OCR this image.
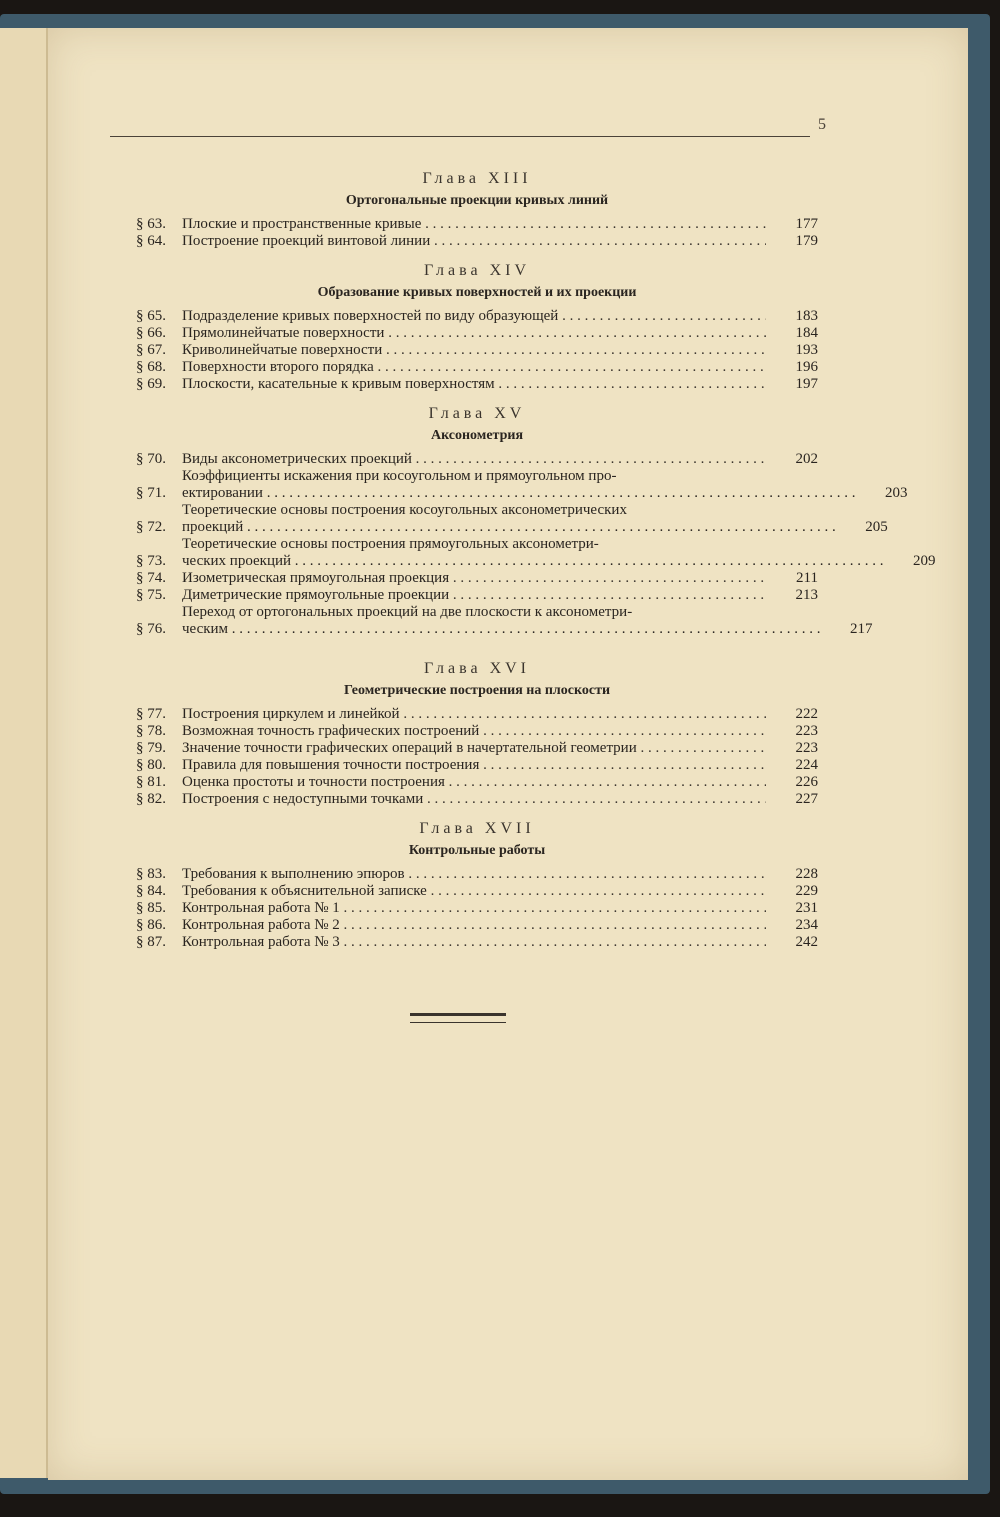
5
Глава XIII
Ортогональные проекции кривых линий
§ 63.	Плоские и пространственные кривые . . .	177
§ 64.	Построение проекций винтовой линии . . .	179
Глава XIV
Образование кривых поверхностей и их проекции
§ 65.	Подразделение кривых поверхностей по виду образующей . . .	183
§ 66.	Прямолинейчатые поверхности . . .	184
§ 67.	Криволинейчатые поверхности . . .	193
§ 68.	Поверхности второго порядка . . .	196
§ 69.	Плоскости, касательные к кривым поверхностям . . .	197
Глава XV
Аксонометрия
§ 70.	Виды аксонометрических проекций . . .	202
§ 71.
Коэффициенты искажения при косоугольном и прямоугольном про-
ектировании . . .	203
§ 72.
Теоретические основы построения косоугольных аксонометрических
проекций . . .	205
§ 73.
Теоретические основы построения прямоугольных аксонометри-
ческих проекций . . .	209
§ 74.	Изометрическая прямоугольная проекция . . .	211
§ 75.	Диметрические прямоугольные проекции . . .	213
§ 76.
Переход от ортогональных проекций на две плоскости к аксонометри-
ческим . . .	217
Глава XVI
Геометрические построения на плоскости
§ 77.	Построения циркулем и линейкой . . .	222
§ 78.	Возможная точность графических построений . . .	223
§ 79.	Значение точности графических операций в начертательной геометрии . . .	223
§ 80.	Правила для повышения точности построения . . .	224
§ 81.	Оценка простоты и точности построения . . .	226
§ 82.	Построения с недоступными точками . . .	227
Глава XVII
Контрольные работы
§ 83.	Требования к выполнению эпюров . . .	228
§ 84.	Требования к объяснительной записке . . .	229
§ 85.	Контрольная работа № 1 . . .	231
§ 86.	Контрольная работа № 2 . . .	234
§ 87.	Контрольная работа № 3 . . .	242
